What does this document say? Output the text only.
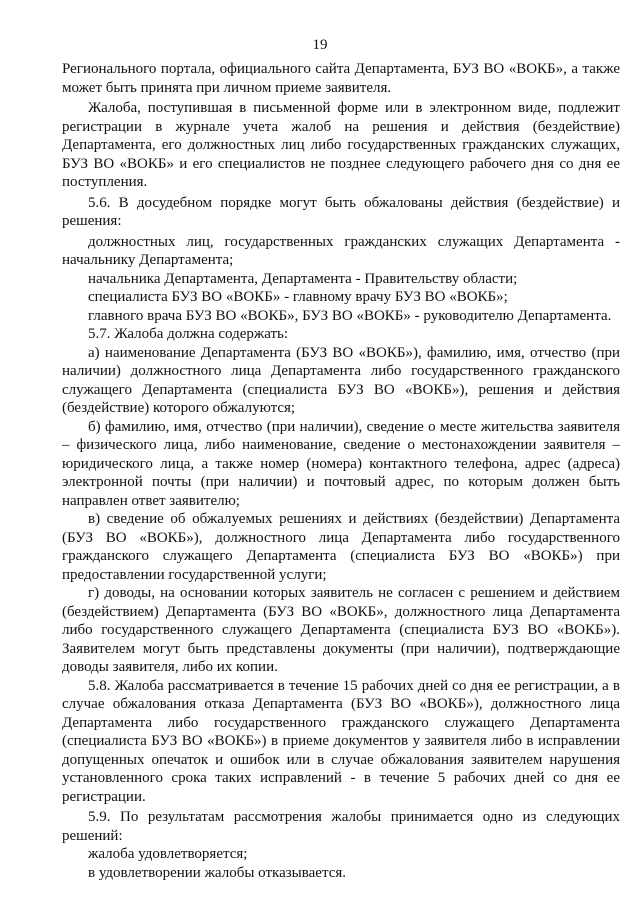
19

Регионального портала, официального сайта Департамента, БУЗ ВО «ВОКБ», а также может быть принята при личном приеме заявителя.

Жалоба, поступившая в письменной форме или в электронном виде, подлежит регистрации в журнале учета жалоб на решения и действия (бездействие) Департамента, его должностных лиц либо государственных гражданских служащих, БУЗ ВО «ВОКБ» и его специалистов не позднее следующего рабочего дня со дня ее поступления.

5.6. В досудебном порядке могут быть обжалованы действия (бездействие) и решения:

должностных лиц, государственных гражданских служащих Департамента - начальнику Департамента;

начальника Департамента, Департамента - Правительству области;

специалиста БУЗ ВО «ВОКБ» - главному врачу БУЗ ВО «ВОКБ»;

главного врача БУЗ ВО «ВОКБ», БУЗ ВО «ВОКБ» - руководителю Департамента.

5.7. Жалоба должна содержать:

а) наименование Департамента (БУЗ ВО «ВОКБ»), фамилию, имя, отчество (при наличии) должностного лица Департамента либо государственного гражданского служащего Департамента (специалиста БУЗ ВО «ВОКБ»), решения и действия (бездействие) которого обжалуются;

б) фамилию, имя, отчество (при наличии), сведение о месте жительства заявителя – физического лица, либо наименование, сведение о местонахождении заявителя – юридического лица, а также номер (номера) контактного телефона, адрес (адреса) электронной почты (при наличии) и почтовый адрес, по которым должен быть направлен ответ заявителю;

в) сведение об обжалуемых решениях и действиях (бездействии) Департамента (БУЗ ВО «ВОКБ»), должностного лица Департамента либо государственного гражданского служащего Департамента (специалиста БУЗ ВО «ВОКБ») при предоставлении государственной услуги;

г) доводы, на основании которых заявитель не согласен с решением и действием (бездействием) Департамента (БУЗ ВО «ВОКБ», должностного лица Департамента либо государственного служащего Департамента (специалиста БУЗ ВО «ВОКБ»). Заявителем могут быть представлены документы (при наличии), подтверждающие доводы заявителя, либо их копии.

5.8. Жалоба рассматривается в течение 15 рабочих дней со дня ее регистрации, а в случае обжалования отказа Департамента (БУЗ ВО «ВОКБ»), должностного лица Департамента либо государственного гражданского служащего Департамента (специалиста БУЗ ВО «ВОКБ») в приеме документов у заявителя либо в исправлении допущенных опечаток и ошибок или в случае обжалования заявителем нарушения установленного срока таких исправлений - в течение 5 рабочих дней со дня ее регистрации.

5.9. По результатам рассмотрения жалобы принимается одно из следующих решений:

жалоба удовлетворяется;

в удовлетворении жалобы отказывается.
